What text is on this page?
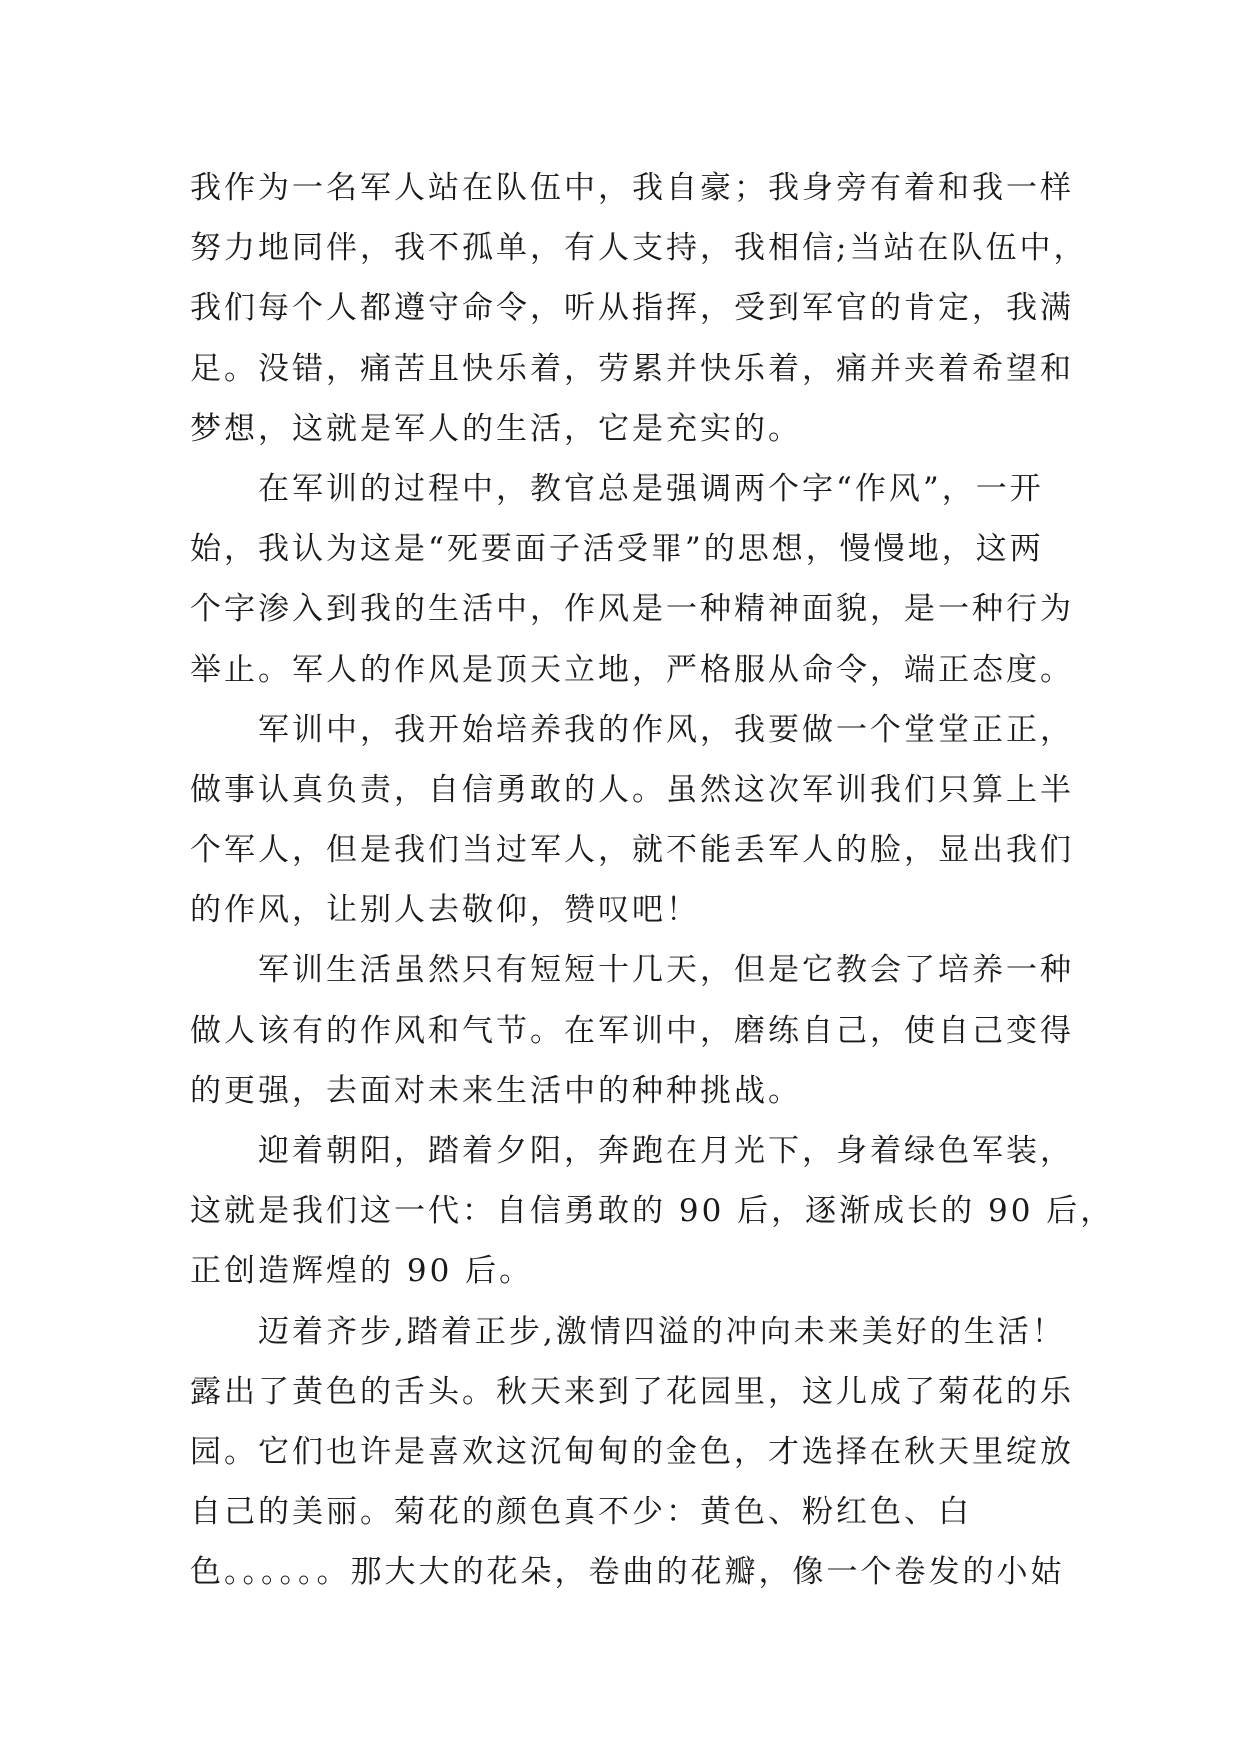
我作为一名军人站在队伍中，我自豪；我身旁有着和我一样
努力地同伴，我不孤单，有人支持，我相信;当站在队伍中，
我们每个人都遵守命令，听从指挥，受到军官的肯定，我满
足。没错，痛苦且快乐着，劳累并快乐着，痛并夹着希望和
梦想，这就是军人的生活，它是充实的。
　　在军训的过程中，教官总是强调两个字“作风”，一开
始，我认为这是“死要面子活受罪”的思想，慢慢地，这两
个字渗入到我的生活中，作风是一种精神面貌，是一种行为
举止。军人的作风是顶天立地，严格服从命令，端正态度。
　　军训中，我开始培养我的作风，我要做一个堂堂正正，
做事认真负责，自信勇敢的人。虽然这次军训我们只算上半
个军人，但是我们当过军人，就不能丢军人的脸，显出我们
的作风，让别人去敬仰，赞叹吧！
　　军训生活虽然只有短短十几天，但是它教会了培养一种
做人该有的作风和气节。在军训中，磨练自己，使自己变得
的更强，去面对未来生活中的种种挑战。
　　迎着朝阳，踏着夕阳，奔跑在月光下，身着绿色军装，
这就是我们这一代：自信勇敢的 90 后，逐渐成长的 90 后，
正创造辉煌的 90 后。
　　迈着齐步,踏着正步,激情四溢的冲向未来美好的生活！
露出了黄色的舌头。秋天来到了花园里，这儿成了菊花的乐
园。它们也许是喜欢这沉甸甸的金色，才选择在秋天里绽放
自己的美丽。菊花的颜色真不少：黄色、粉红色、白
色。。。。。。那大大的花朵，卷曲的花瓣，像一个卷发的小姑
